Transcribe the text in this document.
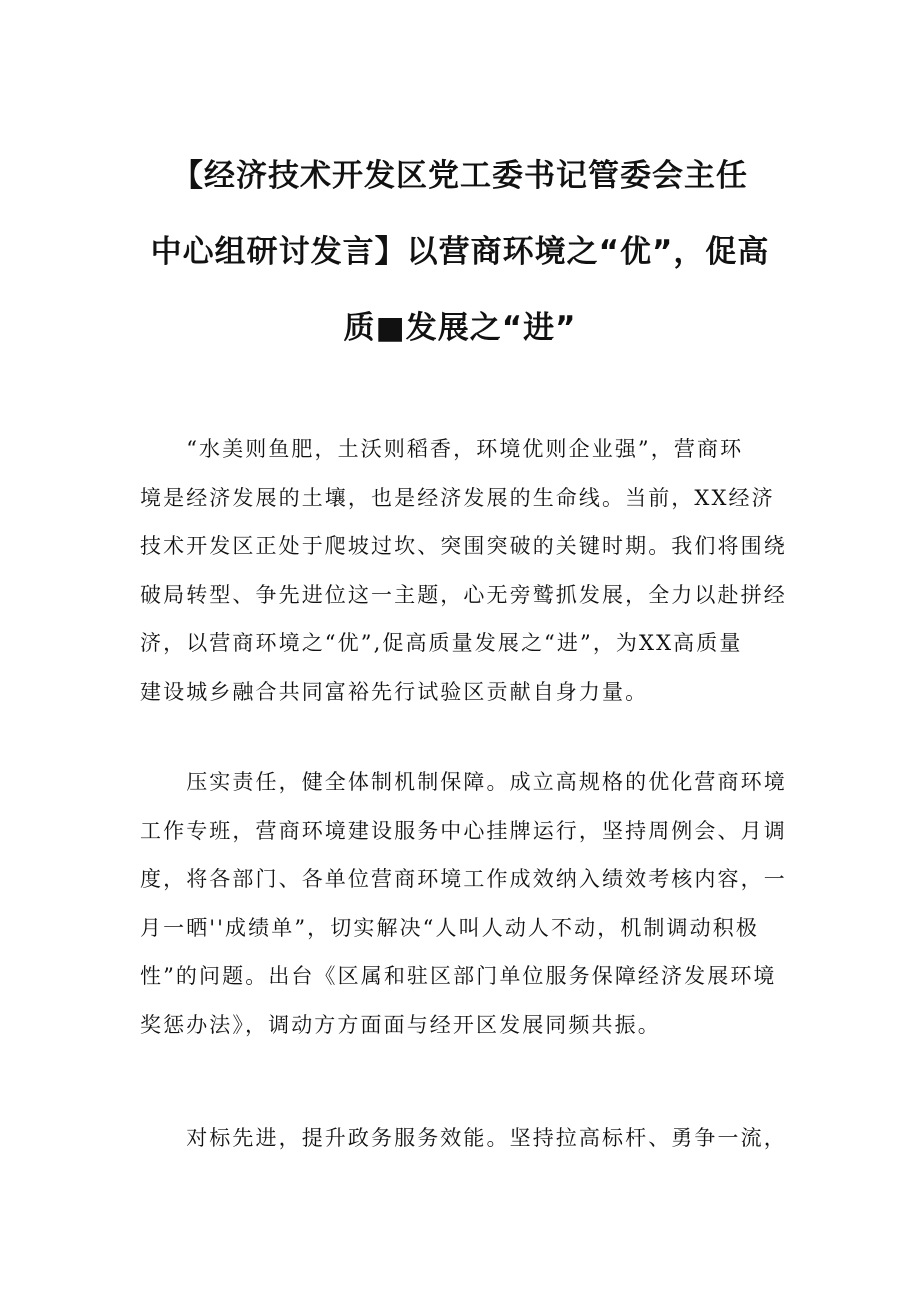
【经济技术开发区党工委书记管委会主任
中心组研讨发言】以营商环境之“优”，促高
质■发展之“进”
　　“水美则鱼肥，土沃则稻香，环境优则企业强”，营商环
境是经济发展的土壤，也是经济发展的生命线。当前，XX经济
技术开发区正处于爬坡过坎、突围突破的关键时期。我们将围绕
破局转型、争先进位这一主题，心无旁鹫抓发展，全力以赴拼经
济，以营商环境之“优”,促高质量发展之“进”，为XX高质量
建设城乡融合共同富裕先行试验区贡献自身力量。
　　压实责任，健全体制机制保障。成立高规格的优化营商环境
工作专班，营商环境建设服务中心挂牌运行，坚持周例会、月调
度，将各部门、各单位营商环境工作成效纳入绩效考核内容，一
月一晒''成绩单”，切实解决“人叫人动人不动，机制调动积极
性”的问题。出台《区属和驻区部门单位服务保障经济发展环境
奖惩办法》，调动方方面面与经开区发展同频共振。
　　对标先进，提升政务服务效能。坚持拉高标杆、勇争一流，
